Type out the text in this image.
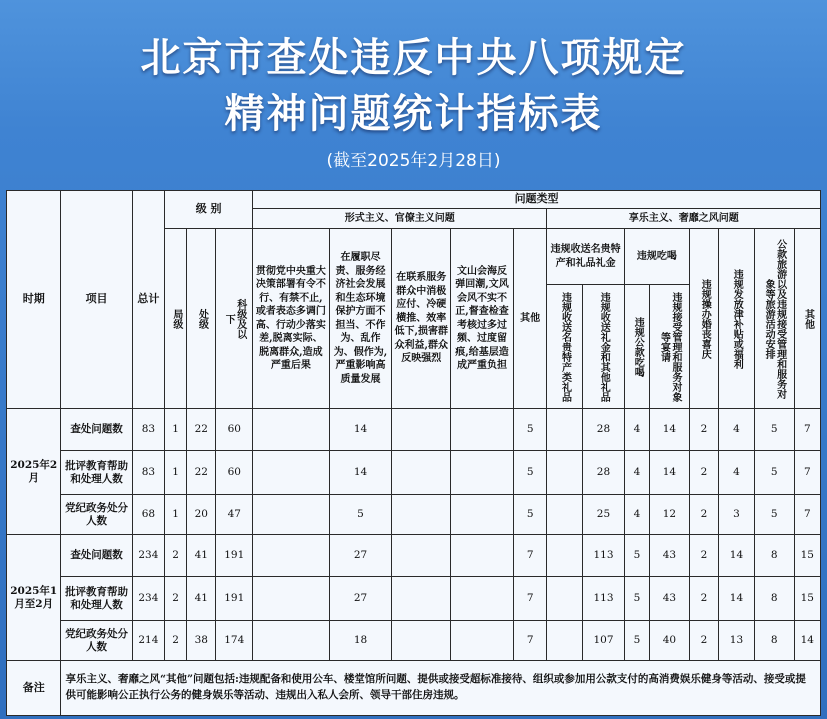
北京市查处违反中央八项规定
精神问题统计指标表
(截至2025年2月28日)
时期	项目	总计	级 别			问题类型												
						形式主义、官僚主义问题					享乐主义、奢靡之风问题							

			局级	处级	科级及以下	贯彻党中央重大决策部署有令不行、有禁不止,或者表态多调门高、行动少落实差,脱离实际、脱离群众,造成严重后果	在履职尽责、服务经济社会发展和生态环境保护方面不担当、不作为、乱作为、假作为,严重影响高质量发展	在联系服务群众中消极应付、冷硬横推、效率低下,损害群众利益,群众反映强烈	文山会海反弹回潮,文风会风不实不正,督查检查考核过多过频、过度留痕,给基层造成严重负担	其他	违规收送名贵特产和礼品礼金		违规吃喝		违规操办婚丧喜庆	违规发放津补贴或福利	公款旅游以及违规接受管理和服务对象等旅游活动安排	其他

											违规收送名贵特产类礼品	违规收送礼金和其他礼品	违规公款吃喝	违规接受管理和服务对象等宴请				

2025年2月	查处问题数	83	1	22	60		14			5		28	4	14	2	4	5	7
	批评教育帮助和处理人数	83	1	22	60		14			5		28	4	14	2	4	5	7
	党纪政务处分人数	68	1	20	47		5			5		25	4	12	2	3	5	7
2025年1月至2月	查处问题数	234	2	41	191		27			7		113	5	43	2	14	8	15
	批评教育帮助和处理人数	234	2	41	191		27			7		113	5	43	2	14	8	15
	党纪政务处分人数	214	2	38	174		18			7		107	5	40	2	13	8	14
备注	享乐主义、奢靡之风“其他”问题包括:违规配备和使用公车、楼堂馆所问题、提供或接受超标准接待、组织或参加用公款支付的高消费娱乐健身等活动、接受或提供可能影响公正执行公务的健身娱乐等活动、违规出入私人会所、领导干部住房违规。																	
